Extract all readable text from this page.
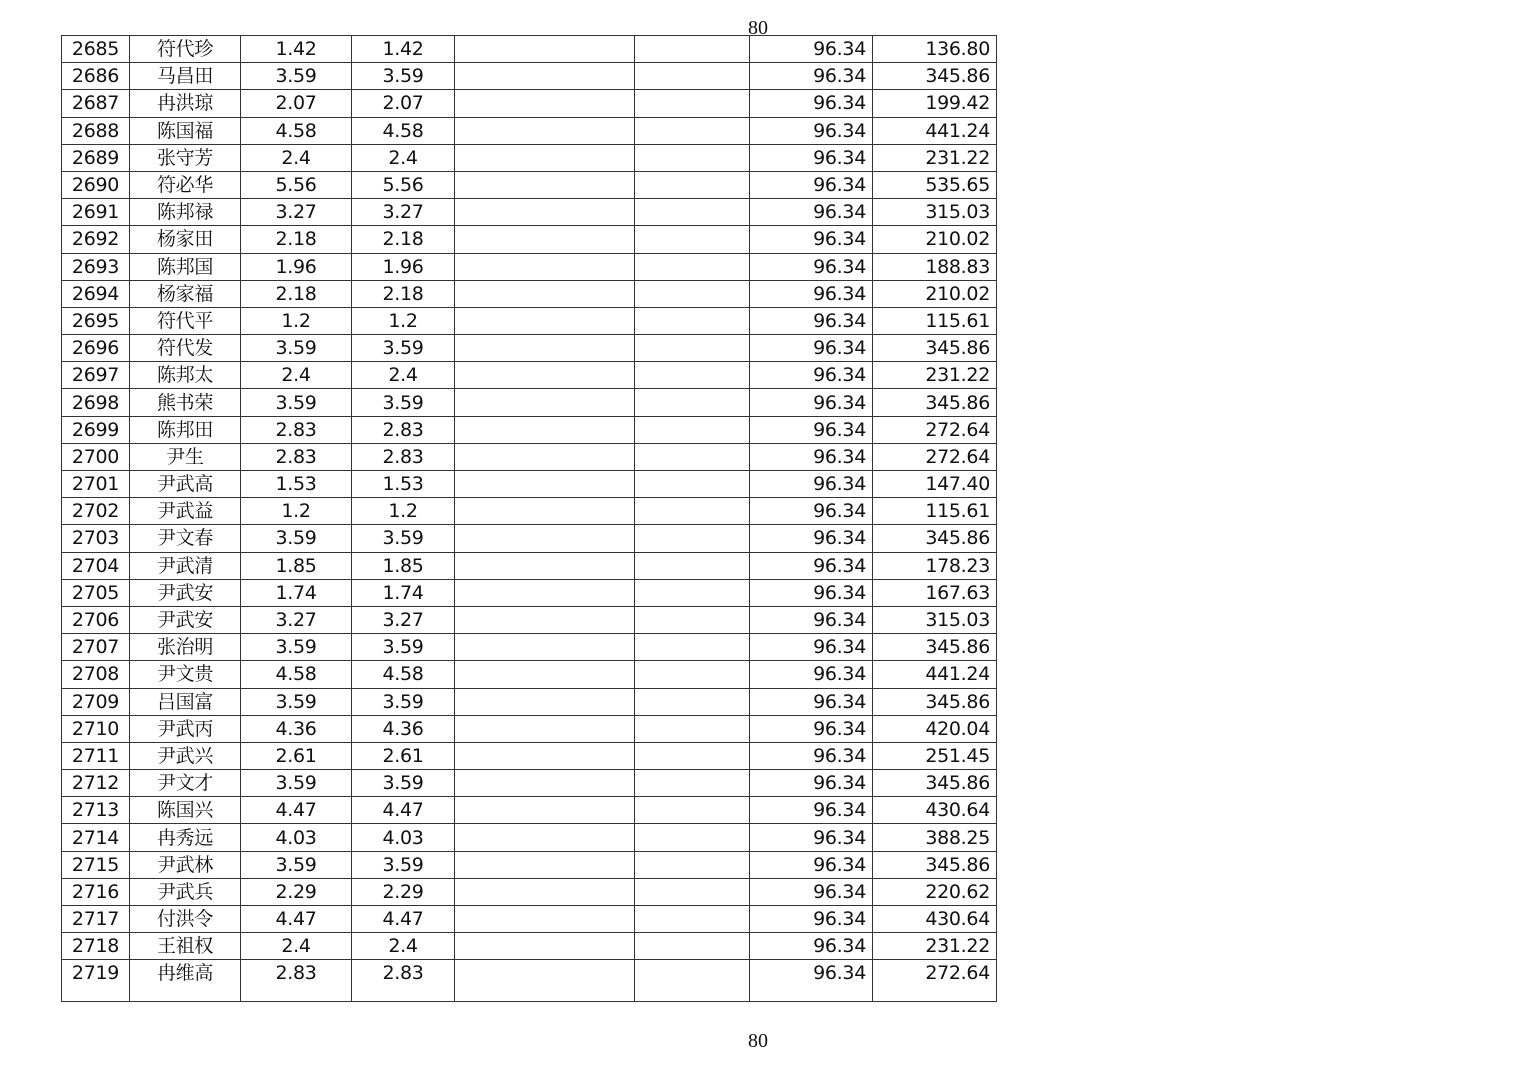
80
2685	符代珍	1.42	1.42			96.34	136.80
2686	马昌田	3.59	3.59			96.34	345.86
2687	冉洪琼	2.07	2.07			96.34	199.42
2688	陈国福	4.58	4.58			96.34	441.24
2689	张守芳	2.4	2.4			96.34	231.22
2690	符必华	5.56	5.56			96.34	535.65
2691	陈邦禄	3.27	3.27			96.34	315.03
2692	杨家田	2.18	2.18			96.34	210.02
2693	陈邦国	1.96	1.96			96.34	188.83
2694	杨家福	2.18	2.18			96.34	210.02
2695	符代平	1.2	1.2			96.34	115.61
2696	符代发	3.59	3.59			96.34	345.86
2697	陈邦太	2.4	2.4			96.34	231.22
2698	熊书荣	3.59	3.59			96.34	345.86
2699	陈邦田	2.83	2.83			96.34	272.64
2700	尹生	2.83	2.83			96.34	272.64
2701	尹武高	1.53	1.53			96.34	147.40
2702	尹武益	1.2	1.2			96.34	115.61
2703	尹文春	3.59	3.59			96.34	345.86
2704	尹武清	1.85	1.85			96.34	178.23
2705	尹武安	1.74	1.74			96.34	167.63
2706	尹武安	3.27	3.27			96.34	315.03
2707	张治明	3.59	3.59			96.34	345.86
2708	尹文贵	4.58	4.58			96.34	441.24
2709	吕国富	3.59	3.59			96.34	345.86
2710	尹武丙	4.36	4.36			96.34	420.04
2711	尹武兴	2.61	2.61			96.34	251.45
2712	尹文才	3.59	3.59			96.34	345.86
2713	陈国兴	4.47	4.47			96.34	430.64
2714	冉秀远	4.03	4.03			96.34	388.25
2715	尹武林	3.59	3.59			96.34	345.86
2716	尹武兵	2.29	2.29			96.34	220.62
2717	付洪令	4.47	4.47			96.34	430.64
2718	王祖权	2.4	2.4			96.34	231.22
2719	冉维高	2.83	2.83			96.34	272.64
80
